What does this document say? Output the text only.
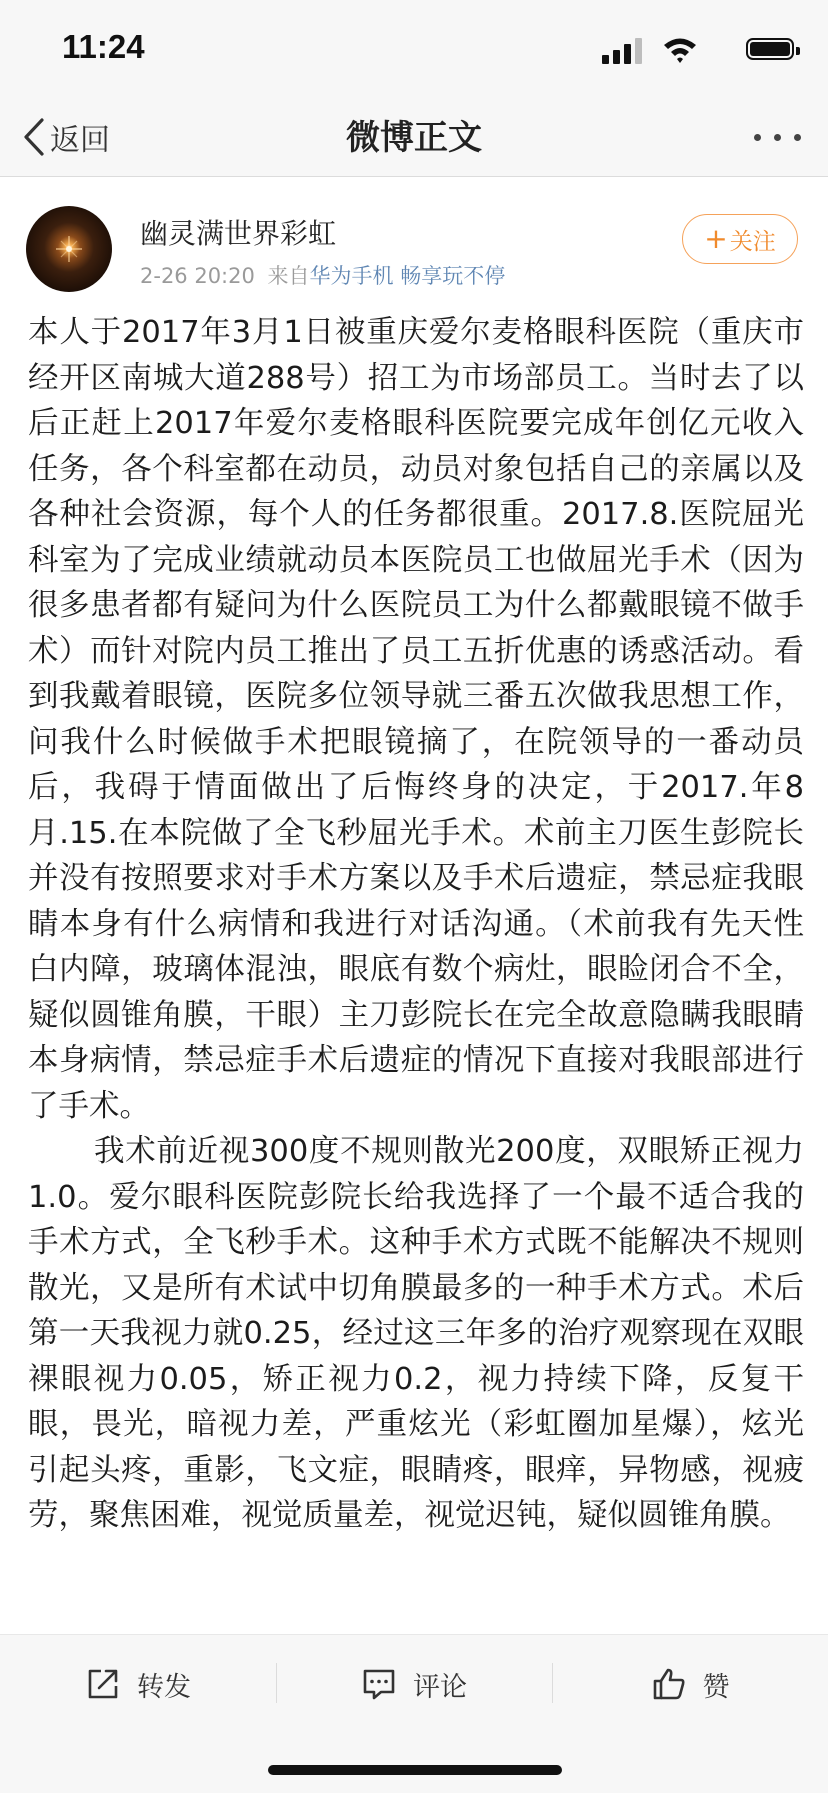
11:24
返回	微博正文
幽灵满世界彩虹
2-26 20:20 来自华为手机 畅享玩不停
+ 关注

本人于2017年3月1日被重庆爱尔麦格眼科医院（重庆市经开区南城大道288号）招工为市场部员工。当时去了以后正赶上2017年爱尔麦格眼科医院要完成年创亿元收入任务，各个科室都在动员，动员对象包括自己的亲属以及各种社会资源，每个人的任务都很重。2017.8.医院屈光科室为了完成业绩就动员本医院员工也做屈光手术（因为很多患者都有疑问为什么医院员工为什么都戴眼镜不做手术）而针对院内员工推出了员工五折优惠的诱惑活动。看到我戴着眼镜，医院多位领导就三番五次做我思想工作，问我什么时候做手术把眼镜摘了，在院领导的一番动员后，我碍于情面做出了后悔终身的决定，于2017.年8月.15.在本院做了全飞秒屈光手术。术前主刀医生彭院长并没有按照要求对手术方案以及手术后遗症，禁忌症我眼睛本身有什么病情和我进行对话沟通。（术前我有先天性白内障，玻璃体混浊，眼底有数个病灶，眼睑闭合不全，疑似圆锥角膜，干眼）主刀彭院长在完全故意隐瞒我眼睛本身病情，禁忌症手术后遗症的情况下直接对我眼部进行了手术。

我术前近视300度不规则散光200度，双眼矫正视力1.0。爱尔眼科医院彭院长给我选择了一个最不适合我的手术方式，全飞秒手术。这种手术方式既不能解决不规则散光，又是所有术试中切角膜最多的一种手术方式。术后第一天我视力就0.25，经过这三年多的治疗观察现在双眼裸眼视力0.05，矫正视力0.2，视力持续下降，反复干眼，畏光，暗视力差，严重炫光（彩虹圈加星爆），炫光引起头疼，重影，飞文症，眼睛疼，眼痒，异物感，视疲劳，聚焦困难，视觉质量差，视觉迟钝，疑似圆锥角膜。

转发	评论	赞
